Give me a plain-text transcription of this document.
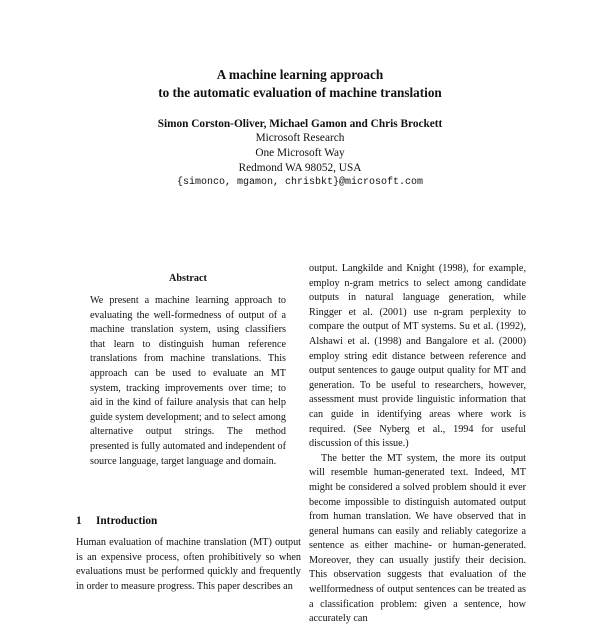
A machine learning approach
to the automatic evaluation of machine translation
Simon Corston-Oliver, Michael Gamon and Chris Brockett
Microsoft Research
One Microsoft Way
Redmond WA 98052, USA
{simonco, mgamon, chrisbkt}@microsoft.com
Abstract

We present a machine learning approach to evaluating the well-formedness of output of a machine translation system, using classifiers that learn to distinguish human reference translations from machine translations. This approach can be used to evaluate an MT system, tracking improvements over time; to aid in the kind of failure analysis that can help guide system development; and to select among alternative output strings. The method presented is fully automated and independent of source language, target language and domain.

1 Introduction

Human evaluation of machine translation (MT) output is an expensive process, often prohibitively so when evaluations must be performed quickly and frequently in order to measure progress. This paper describes an

output. Langkilde and Knight (1998), for example, employ n-gram metrics to select among candidate outputs in natural language generation, while Ringger et al. (2001) use n-gram perplexity to compare the output of MT systems. Su et al. (1992), Alshawi et al. (1998) and Bangalore et al. (2000) employ string edit distance between reference and output sentences to gauge output quality for MT and generation. To be useful to researchers, however, assessment must provide linguistic information that can guide in identifying areas where work is required. (See Nyberg et al., 1994 for useful discussion of this issue.)

The better the MT system, the more its output will resemble human-generated text. Indeed, MT might be considered a solved problem should it ever become impossible to distinguish automated output from human translation. We have observed that in general humans can easily and reliably categorize a sentence as either machine- or human-generated. Moreover, they can usually justify their decision. This observation suggests that evaluation of the wellformedness of output sentences can be treated as a classification problem: given a sentence, how accurately can
